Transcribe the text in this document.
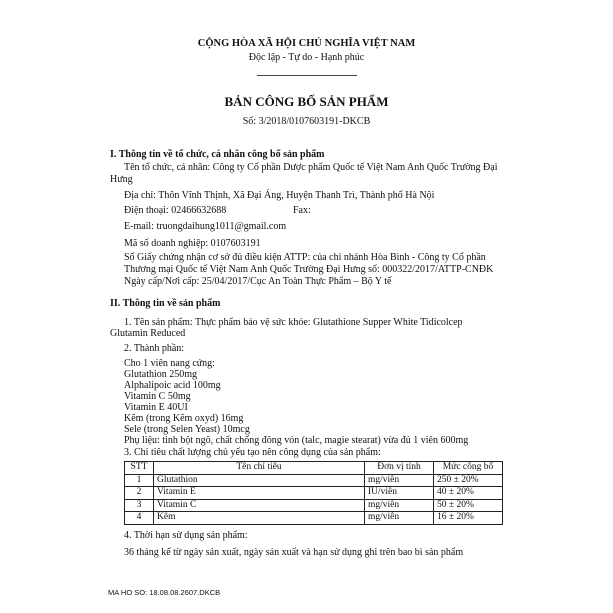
CỘNG HÒA XÃ HỘI CHỦ NGHĨA VIỆT NAM
Độc lập - Tự do - Hạnh phúc
BẢN CÔNG BỐ SẢN PHẨM
Số: 3/2018/0107603191-DKCB
I. Thông tin về tổ chức, cá nhân công bố sản phẩm
Tên tổ chức, cá nhân: Công ty Cổ phần Dược phẩm Quốc tế Việt Nam Anh Quốc Trường Đại
Hưng
Địa chỉ: Thôn Vĩnh Thịnh, Xã Đại Áng, Huyện Thanh Trì, Thành phố Hà Nội
Điện thoại: 02466632688	Fax:
E-mail: truongdaihung1011@gmail.com
Mã số doanh nghiệp: 0107603191
Số Giấy chứng nhận cơ sở đủ điều kiện ATTP: của chi nhánh Hòa Bình - Công ty Cổ phần
Thương mại Quốc tế Việt Nam Anh Quốc Trường Đại Hưng số: 000322/2017/ATTP-CNĐK
Ngày cấp/Nơi cấp: 25/04/2017/Cục An Toàn Thực Phẩm – Bộ Y tế
II. Thông tin về sản phẩm
1. Tên sản phẩm: Thực phẩm bảo vệ sức khỏe: Glutathione Supper White Tidicolcep
Glutamin Reduced
2. Thành phần:
Cho 1 viên nang cứng:
Glutathion 250mg
Alphalipoic acid 100mg
Vitamin C 50mg
Vitamin E 40UI
Kẽm (trong Kẽm oxyd) 16mg
Sele (trong Selen Yeast) 10mcg
Phụ liệu: tinh bột ngô, chất chống đông vón (talc, magie stearat) vừa đủ 1 viên 600mg
3. Chỉ tiêu chất lượng chủ yếu tạo nên công dụng của sản phẩm:
STT	Tên chỉ tiêu	Đơn vị tính	Mức công bố
1	Glutathion	mg/viên	250 ± 20%
2	Vitamin E	IU/viên	40 ± 20%
3	Vitamin C	mg/viên	50 ± 20%
4	Kẽm	mg/viên	16 ± 20%
4. Thời hạn sử dụng sản phẩm:
36 tháng kể từ ngày sản xuất, ngày sản xuất và hạn sử dụng ghi trên bao bì sản phẩm
MA HO SO: 18.08.08.2607.DKCB
